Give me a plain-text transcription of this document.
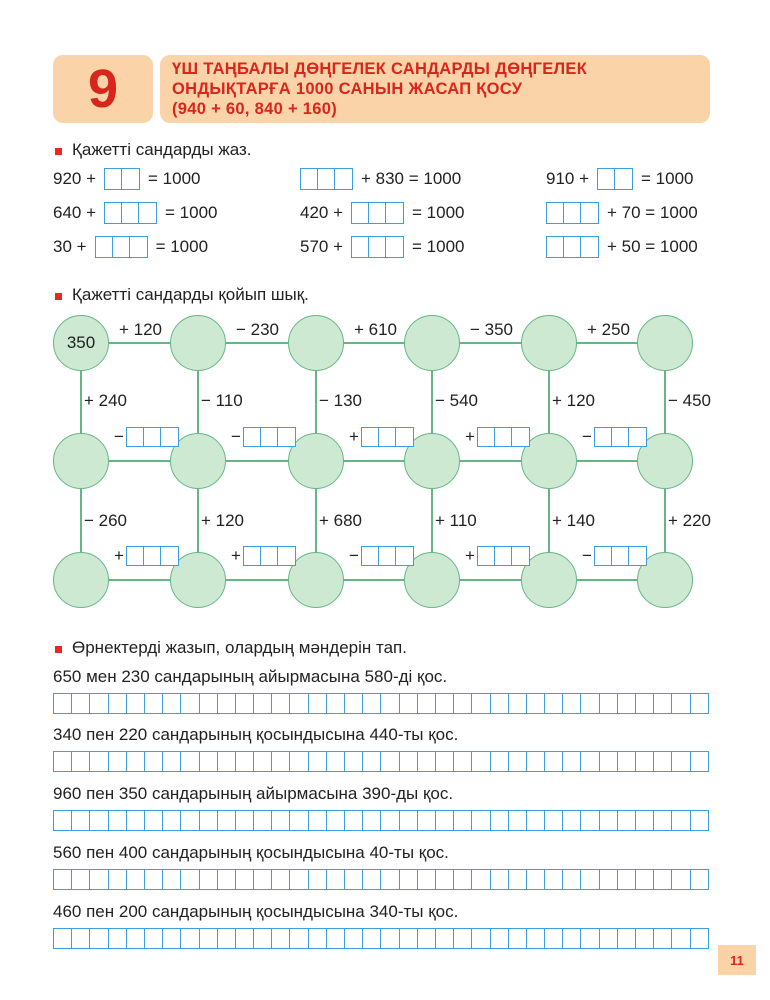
9	ҮШ ТАҢБАЛЫ ДӨҢГЕЛЕК САНДАРДЫ ДӨҢГЕЛЕК
ОНДЫҚТАРҒА 1000 САНЫН ЖАСАП ҚОСУ
(940 + 60, 840 + 160)
Қажетті сандарды жаз.
920 +	= 1000	+ 830 = 1000	910 +	= 1000
640 +	= 1000	420 +	= 1000	+ 70 = 1000
30 +	= 1000	570 +	= 1000	+ 50 = 1000
Қажетті сандарды қойып шық.
350
+ 120	− 230	+ 610	− 350	+ 250
+ 240	− 110	− 130	− 540	+ 120	− 450
− 260	+ 120	+ 680	+ 110	+ 140	+ 220
−	−	+	+	−
+	+	−	+	−
Өрнектерді жазып, олардың мәндерін тап.
650 мен 230 сандарының айырмасына 580-ді қос.
340 пен 220 сандарының қосындысына 440-ты қос.
960 пен 350 сандарының айырмасына 390-ды қос.
560 пен 400 сандарының қосындысына 40-ты қос.
460 пен 200 сандарының қосындысына 340-ты қос.
11
